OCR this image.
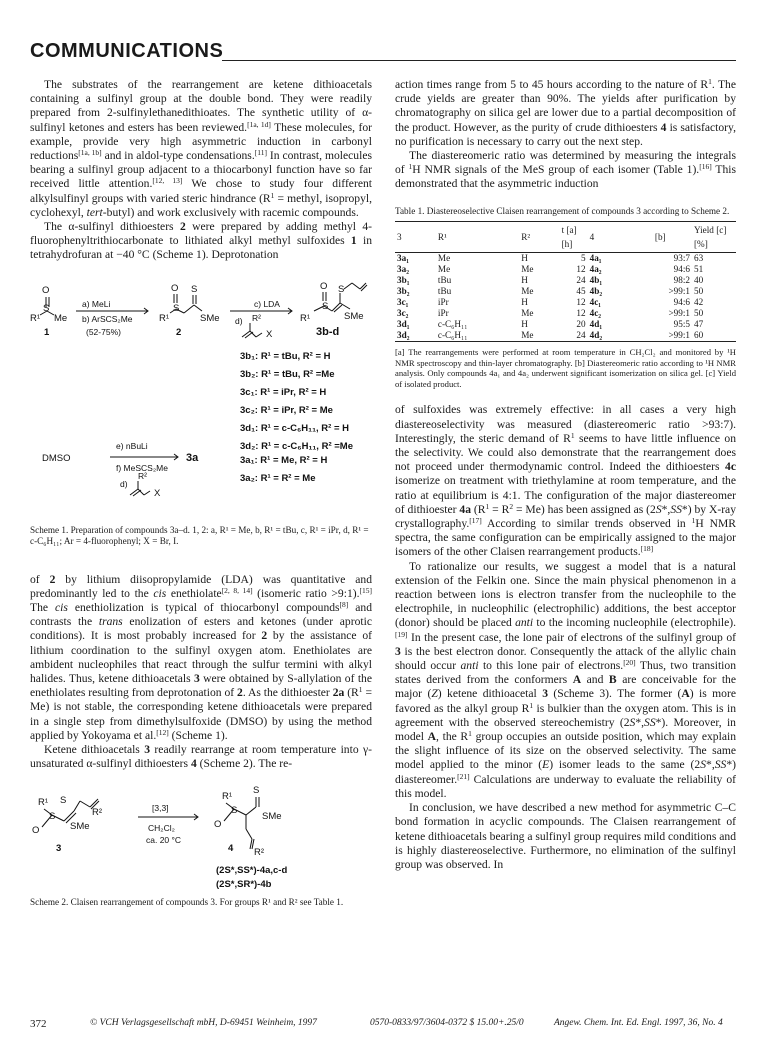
COMMUNICATIONS

The substrates of the rearrangement are ketene dithioacetals containing a sulfinyl group at the double bond. They were readily prepared from 2-sulfinylethanedithioates. The synthetic utility of α-sulfinyl ketones and esters has been reviewed.[1a, 1d] These molecules, for example, provide very high asymmetric induction in carbonyl reductions[1a, 1b] and in aldol-type condensations.[11] In contrast, molecules bearing a sulfinyl group adjacent to a thiocarbonyl function have so far received little attention.[12, 13] We chose to study four different alkylsulfinyl groups with varied steric hindrance ($R^1$ = methyl, isopropyl, cyclohexyl, tert-butyl) and work exclusively with racemic compounds.

The α-sulfinyl dithioesters 2 were prepared by adding methyl 4-fluorophenyltrithiocarbonate to lithiated alkyl methyl sulfoxides 1 in tetrahydrofuran at −40 °C (Scheme 1). Deprotonation

O
S
R¹ Me
1
a) MeLi
b) ArSCS₂Me
(52-75%)
O S
R¹
S
SMe
2
c) LDA
d) R²
X
O
S
R¹
S
SMe
3b-d
DMSO
e) nBuLi
f) MeSCS₂Me
d)
R²
X
3a
3b₁: R¹ = tBu, R² = H
3b₂: R¹ = tBu, R² =Me
3c₁: R¹ = iPr, R² = H
3c₂: R¹ = iPr, R² = Me
3d₁: R¹ = c-C₆H₁₁, R² = H
3d₂: R¹ = c-C₆H₁₁, R² =Me
3a₁: R¹ = Me, R² = H
3a₂: R¹ = R² = Me
Scheme 1. Preparation of compounds 3a–d. 1, 2: a, R¹ = Me, b, R¹ = tBu, c, R¹ = iPr, d, R¹ = c-C₆H₁₁; Ar = 4-fluorophenyl; X = Br, I.

of 2 by lithium diisopropylamide (LDA) was quantitative and predominantly led to the cis enethiolate[2, 8, 14] (isomeric ratio >9:1).[15] The cis enethiolization is typical of thiocarbonyl compounds[8] and contrasts the trans enolization of esters and ketones (under aprotic conditions). It is most probably increased for 2 by the assistance of lithium coordination to the sulfinyl oxygen atom. Enethiolates are ambident nucleophiles that react through the sulfur termini with alkyl halides. Thus, ketene dithioacetals 3 were obtained by S-allylation of the enethiolates resulting from deprotonation of 2. As the dithioester 2a $(R^1 = Me)$ is not stable, the corresponding ketene dithioacetals were prepared in a single step from dimethylsulfoxide (DMSO) by using the method applied by Yokoyama et al.[12] (Scheme 1).

Ketene dithioacetals 3 readily rearrange at room temperature into γ-unsaturated α-sulfinyl dithioesters 4 (Scheme 2). The re-

R¹ S
S
O
R²
SMe
3
[3,3]
CH₂Cl₂
ca. 20 °C
R¹
S
S
O
SMe
4 R²
(2S*,SS*)-4a,c-d
(2S*,SR*)-4b
Scheme 2. Claisen rearrangement of compounds 3. For groups R¹ and R² see Table 1.

action times range from 5 to 45 hours according to the nature of $R^1$. The crude yields are greater than 90%. The yields after purification by chromatography on silica gel are lower due to a partial decomposition of the product. However, as the purity of crude dithioesters 4 is satisfactory, no purification is necessary to carry out the next step.

The diastereomeric ratio was determined by measuring the integrals of $^1$H NMR signals of the MeS group of each isomer (Table 1).[16] This demonstrated that the asymmetric induction

Table 1. Diastereoselective Claisen rearrangement of compounds 3 according to Scheme 2.
3	R¹	R²	t [a] [h]	4	[b]	Yield [c] [%]
3a₁	Me	H	5	4a₁	93:7	63
3a₂	Me	Me	12	4a₂	94:6	51
3b₁	tBu	H	24	4b₁	98:2	40
3b₂	tBu	Me	45	4b₂	>99:1	50
3c₁	iPr	H	12	4c₁	94:6	42
3c₂	iPr	Me	12	4c₂	>99:1	50
3d₁	c-C₆H₁₁	H	20	4d₁	95:5	47
3d₂	c-C₆H₁₁	Me	24	4d₂	>99:1	60
[a] The rearrangements were performed at room temperature in CH₂Cl₂ and monitored by ¹H NMR spectroscopy and thin-layer chromatography. [b] Diastereomeric ratio according to ¹H NMR analysis. Only compounds 4a₁ and 4a₂ underwent significant isomerization on silica gel. [c] Yield of isolated product.

of sulfoxides was extremely effective: in all cases a very high diastereoselectivity was measured (diastereomeric ratio >93:7). Interestingly, the steric demand of $R^1$ seems to have little influence on the selectivity. We could also demonstrate that the rearrangement does not proceed under thermodynamic control. Indeed the dithioesters 4c isomerize on treatment with triethylamine at room temperature, and the ratio at equilibrium is 4:1. The configuration of the major diastereomer of dithioester 4a $(R^1 = R^2 = Me)$ has been assigned as (2S*,SS*) by X-ray crystallography.[17] According to similar trends observed in $^1$H NMR spectra, the same configuration can be empirically assigned to the major isomers of the other Claisen rearrangement products.[18]

To rationalize our results, we suggest a model that is a natural extension of the Felkin one. Since the main physical phenomenon in a reaction between ions is electron transfer from the nucleophile to the electrophile, in nucleophilic (electrophilic) additions, the best acceptor (donor) should be placed anti to the incoming nucleophile (electrophile).[19] In the present case, the lone pair of electrons of the sulfinyl group of 3 is the best electron donor. Consequently the attack of the allylic chain should occur anti to this lone pair of electrons.[20] Thus, two transition states derived from the conformers A and B are conceivable for the major (Z) ketene dithioacetal 3 (Scheme 3). The former (A) is more favored as the alkyl group $R^1$ is bulkier than the oxygen atom. This is in agreement with the observed stereochemistry (2S*,SS*). Moreover, in model A, the $R^1$ group occupies an outside position, which may explain the slight influence of its size on the observed selectivity. The same model applied to the minor (E) isomer leads to the same (2S*,SS*) diastereomer.[21] Calculations are underway to evaluate the reliability of this model.

In conclusion, we have described a new method for asymmetric C–C bond formation in acyclic compounds. The Claisen rearrangement of ketene dithioacetals bearing a sulfinyl group requires mild conditions and is highly diastereoselective. Furthermore, no elimination of the sulfinyl group was observed. In

372	© VCH Verlagsgesellschaft mbH, D-69451 Weinheim, 1997	0570-0833/97/3604-0372 $ 15.00+.25/0	Angew. Chem. Int. Ed. Engl. 1997, 36, No. 4
